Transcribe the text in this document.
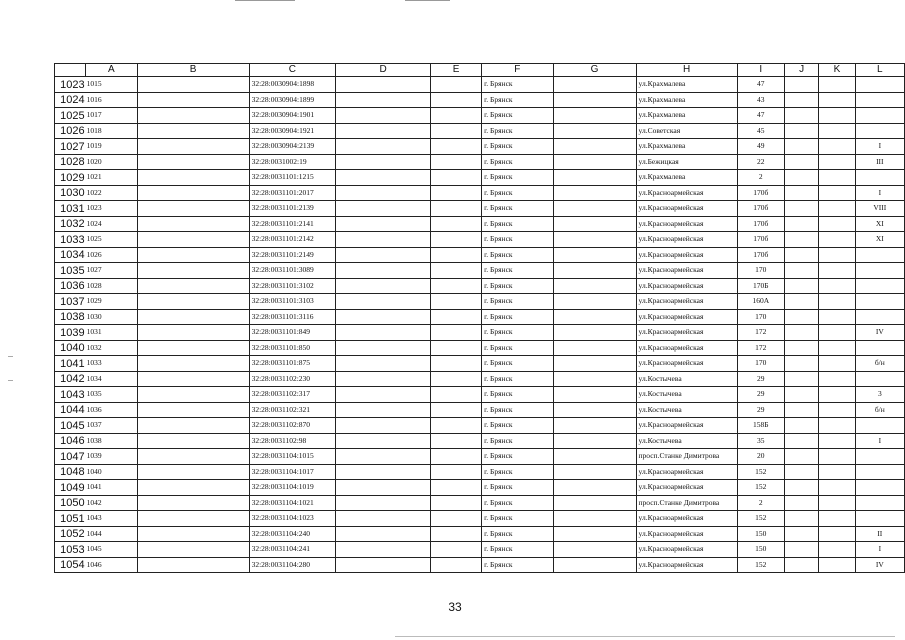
	A	B	C	D	E	F	G	H	I	J	K	L
1023	1015		32:28:0030904:1898			г. Брянск		ул.Крахмалева	47			
1024	1016		32:28:0030904:1899			г. Брянск		ул.Крахмалева	43			
1025	1017		32:28:0030904:1901			г. Брянск		ул.Крахмалева	47			
1026	1018		32:28:0030904:1921			г. Брянск		ул.Советская	45			
1027	1019		32:28:0030904:2139			г. Брянск		ул.Крахмалева	49			I
1028	1020		32:28:0031002:19			г. Брянск		ул.Бежицкая	22			III
1029	1021		32:28:0031101:1215			г. Брянск		ул.Крахмалева	2			
1030	1022		32:28:0031101:2017			г. Брянск		ул.Красноармейская	170б			I
1031	1023		32:28:0031101:2139			г. Брянск		ул.Красноармейская	170б			VIII
1032	1024		32:28:0031101:2141			г. Брянск		ул.Красноармейская	170б			XI
1033	1025		32:28:0031101:2142			г. Брянск		ул.Красноармейская	170б			XI
1034	1026		32:28:0031101:2149			г. Брянск		ул.Красноармейская	170б			
1035	1027		32:28:0031101:3089			г. Брянск		ул.Красноармейская	170			
1036	1028		32:28:0031101:3102			г. Брянск		ул.Красноармейская	170Б			
1037	1029		32:28:0031101:3103			г. Брянск		ул.Красноармейская	160А			
1038	1030		32:28:0031101:3116			г. Брянск		ул.Красноармейская	170			
1039	1031		32:28:0031101:849			г. Брянск		ул.Красноармейская	172			IV
1040	1032		32:28:0031101:850			г. Брянск		ул.Красноармейская	172			
1041	1033		32:28:0031101:875			г. Брянск		ул.Красноармейская	170			б/н
1042	1034		32:28:0031102:230			г. Брянск		ул.Костычева	29			
1043	1035		32:28:0031102:317			г. Брянск		ул.Костычева	29			3
1044	1036		32:28:0031102:321			г. Брянск		ул.Костычева	29			б/н
1045	1037		32:28:0031102:870			г. Брянск		ул.Красноармейская	158Б			
1046	1038		32:28:0031102:98			г. Брянск		ул.Костычева	35			I
1047	1039		32:28:0031104:1015			г. Брянск		просп.Станке Димитрова	20			
1048	1040		32:28:0031104:1017			г. Брянск		ул.Красноармейская	152			
1049	1041		32:28:0031104:1019			г. Брянск		ул.Красноармейская	152			
1050	1042		32:28:0031104:1021			г. Брянск		просп.Станке Димитрова	2			
1051	1043		32:28:0031104:1023			г. Брянск		ул.Красноармейская	152			
1052	1044		32:28:0031104:240			г. Брянск		ул.Красноармейская	150			II
1053	1045		32:28:0031104:241			г. Брянск		ул.Красноармейская	150			I
1054	1046		32:28:0031104:280			г. Брянск		ул.Красноармейская	152			IV
33
